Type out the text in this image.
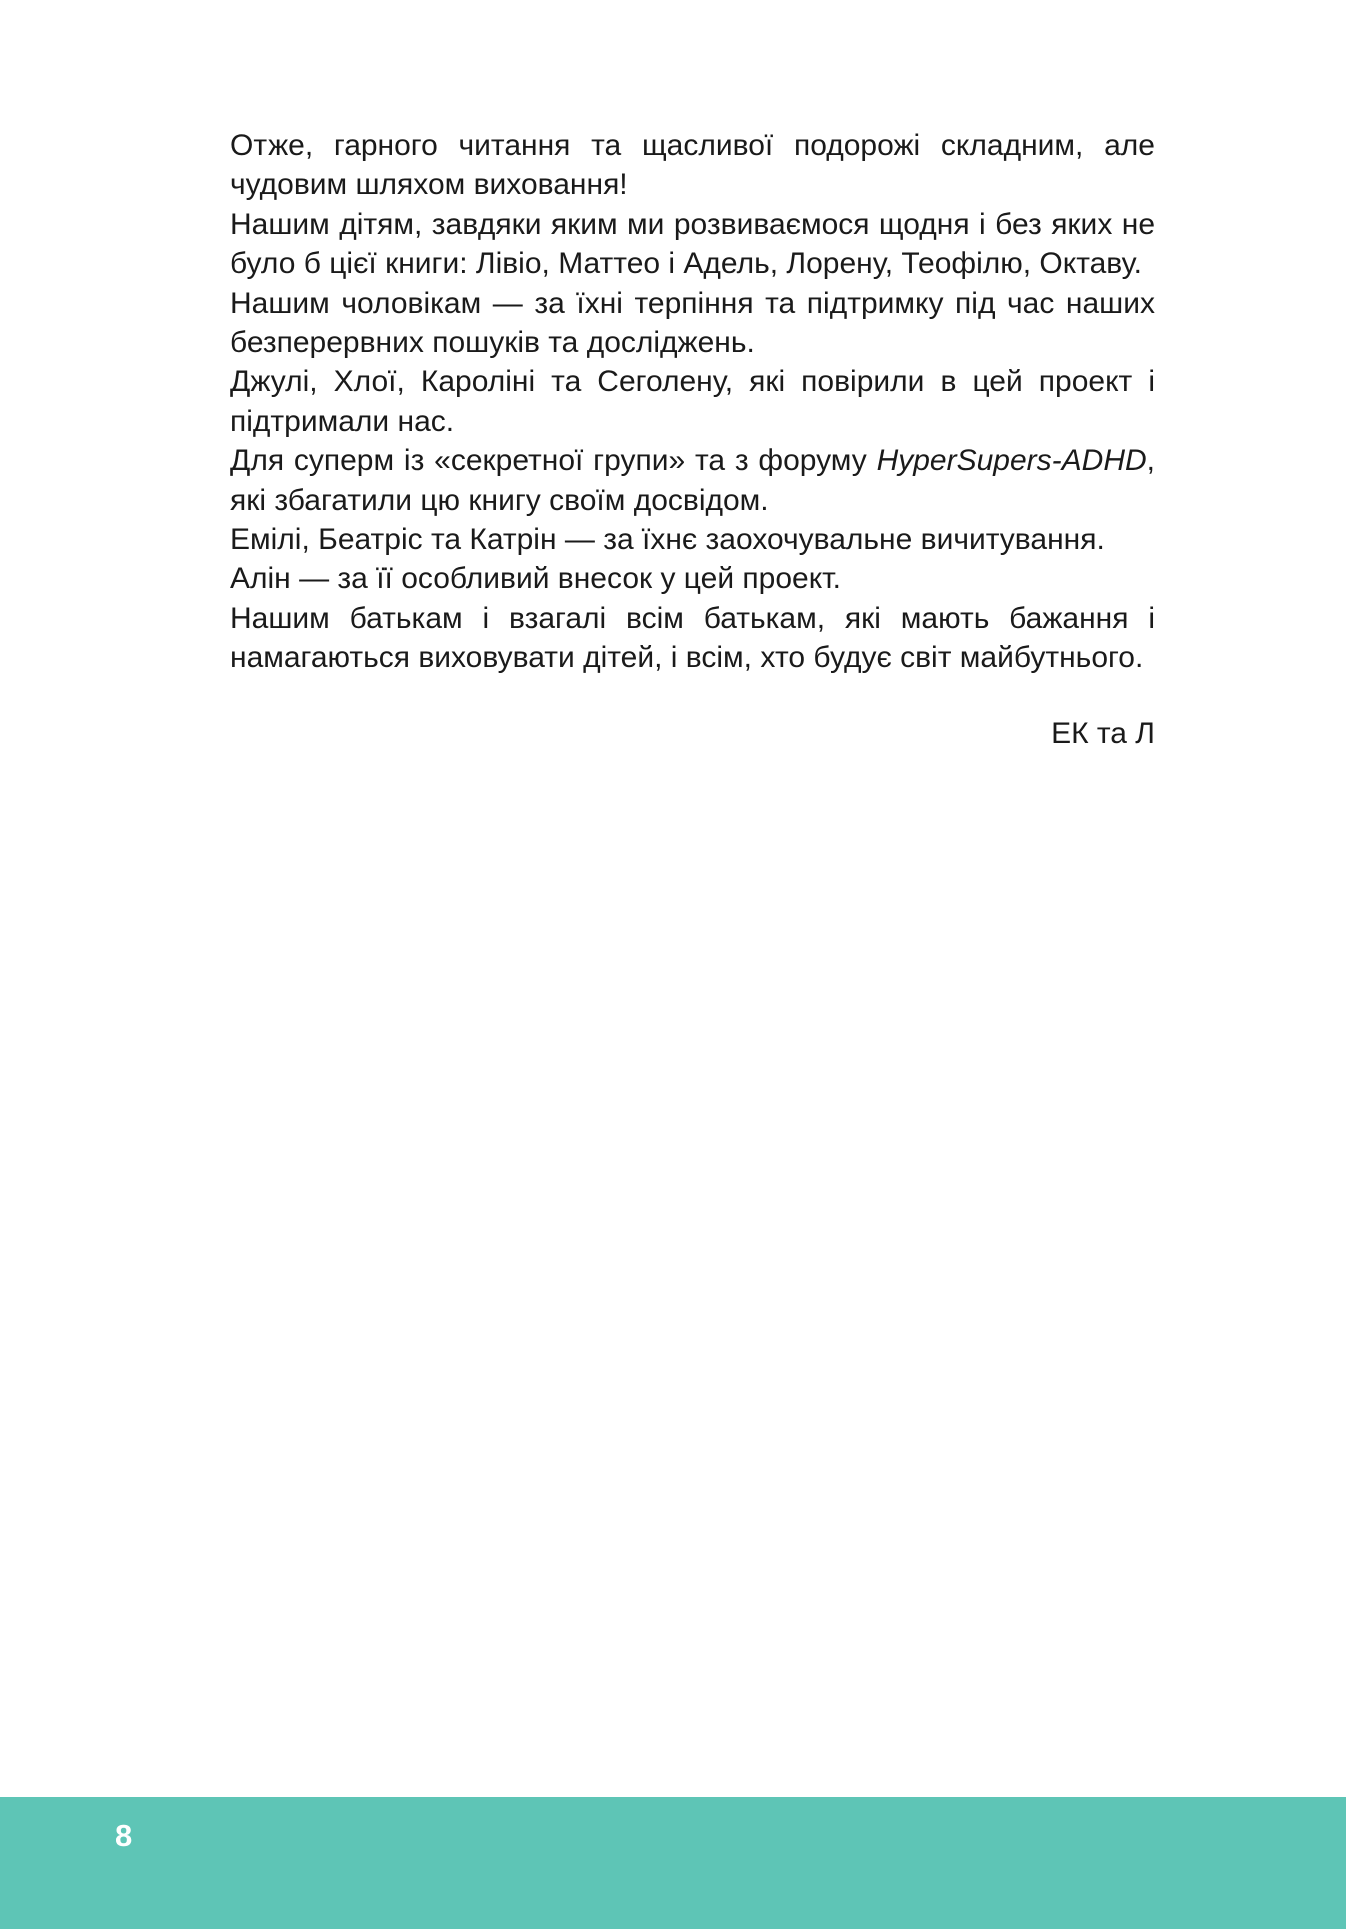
Отже, гарного читання та щасливої подорожі складним, але чудовим шляхом виховання!

Нашим дітям, завдяки яким ми розвиваємося щодня і без яких не було б цієї книги: Лівіо, Маттео і Адель, Лорену, Теофілю, Октаву.

Нашим чоловікам — за їхні терпіння та підтримку під час наших безперервних пошуків та досліджень.

Джулі, Хлої, Кароліні та Сеголену, які повірили в цей проект і підтримали нас.

Для суперм із «секретної групи» та з форуму HyperSupers-ADHD, які збагатили цю книгу своїм досвідом.

Емілі, Беатріс та Катрін — за їхнє заохочувальне вичитування.

Алін — за її особливий внесок у цей проект.

Нашим батькам і взагалі всім батькам, які мають бажання і намагаються виховувати дітей, і всім, хто будує світ майбутнього.

ЕК та Л
8
